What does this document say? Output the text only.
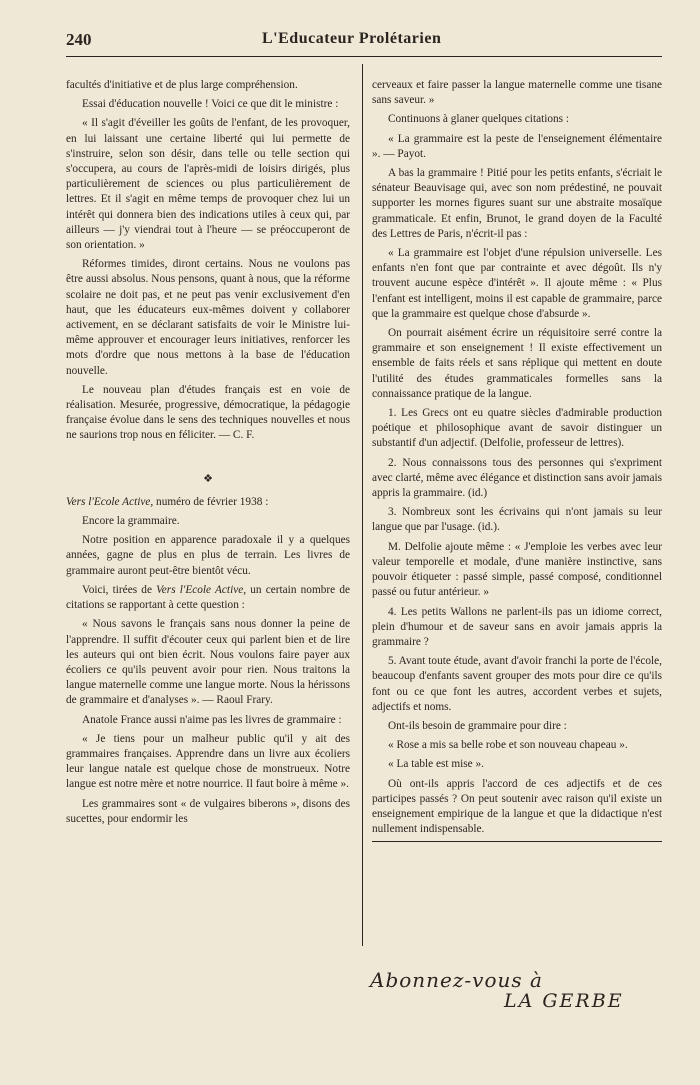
240	L'Educateur Prolétarien

facultés d'initiative et de plus large compréhension.

Essai d'éducation nouvelle ! Voici ce que dit le ministre :

« Il s'agit d'éveiller les goûts de l'enfant, de les provoquer, en lui laissant une certaine liberté qui lui permette de s'instruire, selon son désir, dans telle ou telle section qui s'occupera, au cours de l'après-midi de loisirs dirigés, plus particulièrement de sciences ou plus particulièrement de lettres. Et il s'agit en même temps de provoquer chez lui un intérêt qui donnera bien des indications utiles à ceux qui, par ailleurs — j'y viendrai tout à l'heure — se préoccuperont de son orientation. »

Réformes timides, diront certains. Nous ne voulons pas être aussi absolus. Nous pensons, quant à nous, que la réforme scolaire ne doit pas, et ne peut pas venir exclusivement d'en haut, que les éducateurs eux-mêmes doivent y collaborer activement, en se déclarant satisfaits de voir le Ministre lui-même approuver et encourager leurs initiatives, renforcer les mots d'ordre que nous mettons à la base de l'éducation nouvelle.

Le nouveau plan d'études français est en voie de réalisation. Mesurée, progressive, démocratique, la pédagogie française évolue dans le sens des techniques nouvelles et nous ne saurions trop nous en féliciter. — C. F.

❖

Vers l'Ecole Active, numéro de février 1938 :

Encore la grammaire.

Notre position en apparence paradoxale il y a quelques années, gagne de plus en plus de terrain. Les livres de grammaire auront peut-être bientôt vécu.

Voici, tirées de Vers l'Ecole Active, un certain nombre de citations se rapportant à cette question :

« Nous savons le français sans nous donner la peine de l'apprendre. Il suffit d'écouter ceux qui parlent bien et de lire les auteurs qui ont bien écrit. Nous voulons faire payer aux écoliers ce qu'ils peuvent avoir pour rien. Nous traitons la langue maternelle comme une langue morte. Nous la hérissons de grammaire et d'analyses ». — Raoul Frary.

Anatole France aussi n'aime pas les livres de grammaire :

« Je tiens pour un malheur public qu'il y ait des grammaires françaises. Apprendre dans un livre aux écoliers leur langue natale est quelque chose de monstrueux. Notre langue est notre mère et notre nourrice. Il faut boire à même ».

Les grammaires sont « de vulgaires biberons », disons des sucettes, pour endormir les

cerveaux et faire passer la langue maternelle comme une tisane sans saveur. »

Continuons à glaner quelques citations :

« La grammaire est la peste de l'enseignement élémentaire ». — Payot.

A bas la grammaire ! Pitié pour les petits enfants, s'écriait le sénateur Beauvisage qui, avec son nom prédestiné, ne pouvait supporter les mornes figures suant sur une abstraite mosaïque grammaticale. Et enfin, Brunot, le grand doyen de la Faculté des Lettres de Paris, n'écrit-il pas :

« La grammaire est l'objet d'une répulsion universelle. Les enfants n'en font que par contrainte et avec dégoût. Ils n'y trouvent aucune espèce d'intérêt ». Il ajoute même : « Plus l'enfant est intelligent, moins il est capable de grammaire, parce que la grammaire est quelque chose d'absurde ».

On pourrait aisément écrire un réquisitoire serré contre la grammaire et son enseignement ! Il existe effectivement un ensemble de faits réels et sans réplique qui mettent en doute l'utilité des études grammaticales formelles sans la connaissance pratique de la langue.

1. Les Grecs ont eu quatre siècles d'admirable production poétique et philosophique avant de savoir distinguer un substantif d'un adjectif. (Delfolie, professeur de lettres).

2. Nous connaissons tous des personnes qui s'expriment avec clarté, même avec élégance et distinction sans avoir jamais appris la grammaire. (id.)

3. Nombreux sont les écrivains qui n'ont jamais su leur langue que par l'usage. (id.).

M. Delfolie ajoute même : « J'emploie les verbes avec leur valeur temporelle et modale, d'une manière instinctive, sans pouvoir étiqueter : passé simple, passé composé, conditionnel passé ou futur antérieur. »

4. Les petits Wallons ne parlent-ils pas un idiome correct, plein d'humour et de saveur sans en avoir jamais appris la grammaire ?

5. Avant toute étude, avant d'avoir franchi la porte de l'école, beaucoup d'enfants savent grouper des mots pour dire ce qu'ils font ou ce que font les autres, accordent verbes et sujets, adjectifs et noms.

Ont-ils besoin de grammaire pour dire :

« Rose a mis sa belle robe et son nouveau chapeau ».

« La table est mise ».

Où ont-ils appris l'accord de ces adjectifs et de ces participes passés ? On peut soutenir avec raison qu'il existe un enseignement empirique de la langue et que la didactique n'est nullement indispensable.

Abonnez-vous à
LA GERBE
